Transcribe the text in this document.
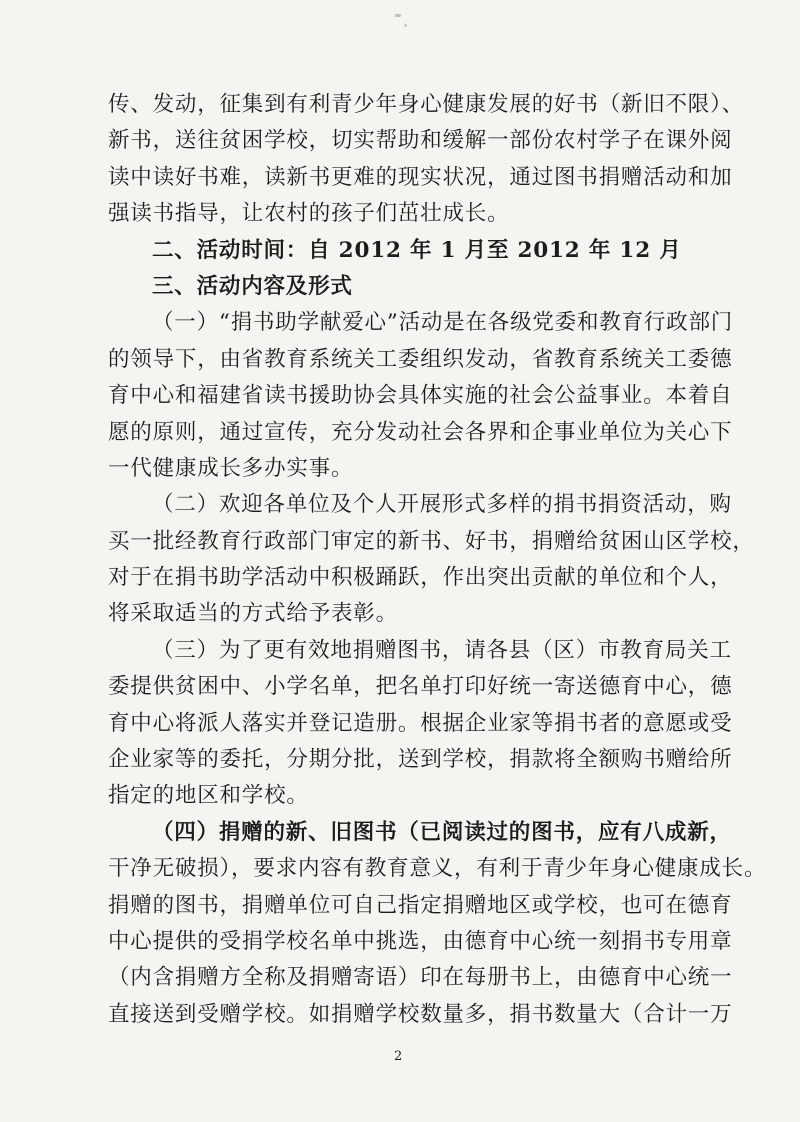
传、发动，征集到有利青少年身心健康发展的好书（新旧不限）、
新书，送往贫困学校，切实帮助和缓解一部份农村学子在课外阅
读中读好书难，读新书更难的现实状况，通过图书捐赠活动和加
强读书指导，让农村的孩子们茁壮成长。
二、活动时间：自 2012 年 1 月至 2012 年 12 月
三、活动内容及形式
（一）“捐书助学献爱心”活动是在各级党委和教育行政部门
的领导下，由省教育系统关工委组织发动，省教育系统关工委德
育中心和福建省读书援助协会具体实施的社会公益事业。本着自
愿的原则，通过宣传，充分发动社会各界和企事业单位为关心下
一代健康成长多办实事。
（二）欢迎各单位及个人开展形式多样的捐书捐资活动，购
买一批经教育行政部门审定的新书、好书，捐赠给贫困山区学校，
对于在捐书助学活动中积极踊跃，作出突出贡献的单位和个人，
将采取适当的方式给予表彰。
（三）为了更有效地捐赠图书，请各县（区）市教育局关工
委提供贫困中、小学名单，把名单打印好统一寄送德育中心，德
育中心将派人落实并登记造册。根据企业家等捐书者的意愿或受
企业家等的委托，分期分批，送到学校，捐款将全额购书赠给所
指定的地区和学校。
（四）捐赠的新、旧图书（已阅读过的图书，应有八成新，
干净无破损），要求内容有教育意义，有利于青少年身心健康成长。
捐赠的图书，捐赠单位可自己指定捐赠地区或学校，也可在德育
中心提供的受捐学校名单中挑选，由德育中心统一刻捐书专用章
（内含捐赠方全称及捐赠寄语）印在每册书上，由德育中心统一
直接送到受赠学校。如捐赠学校数量多，捐书数量大（合计一万
2
